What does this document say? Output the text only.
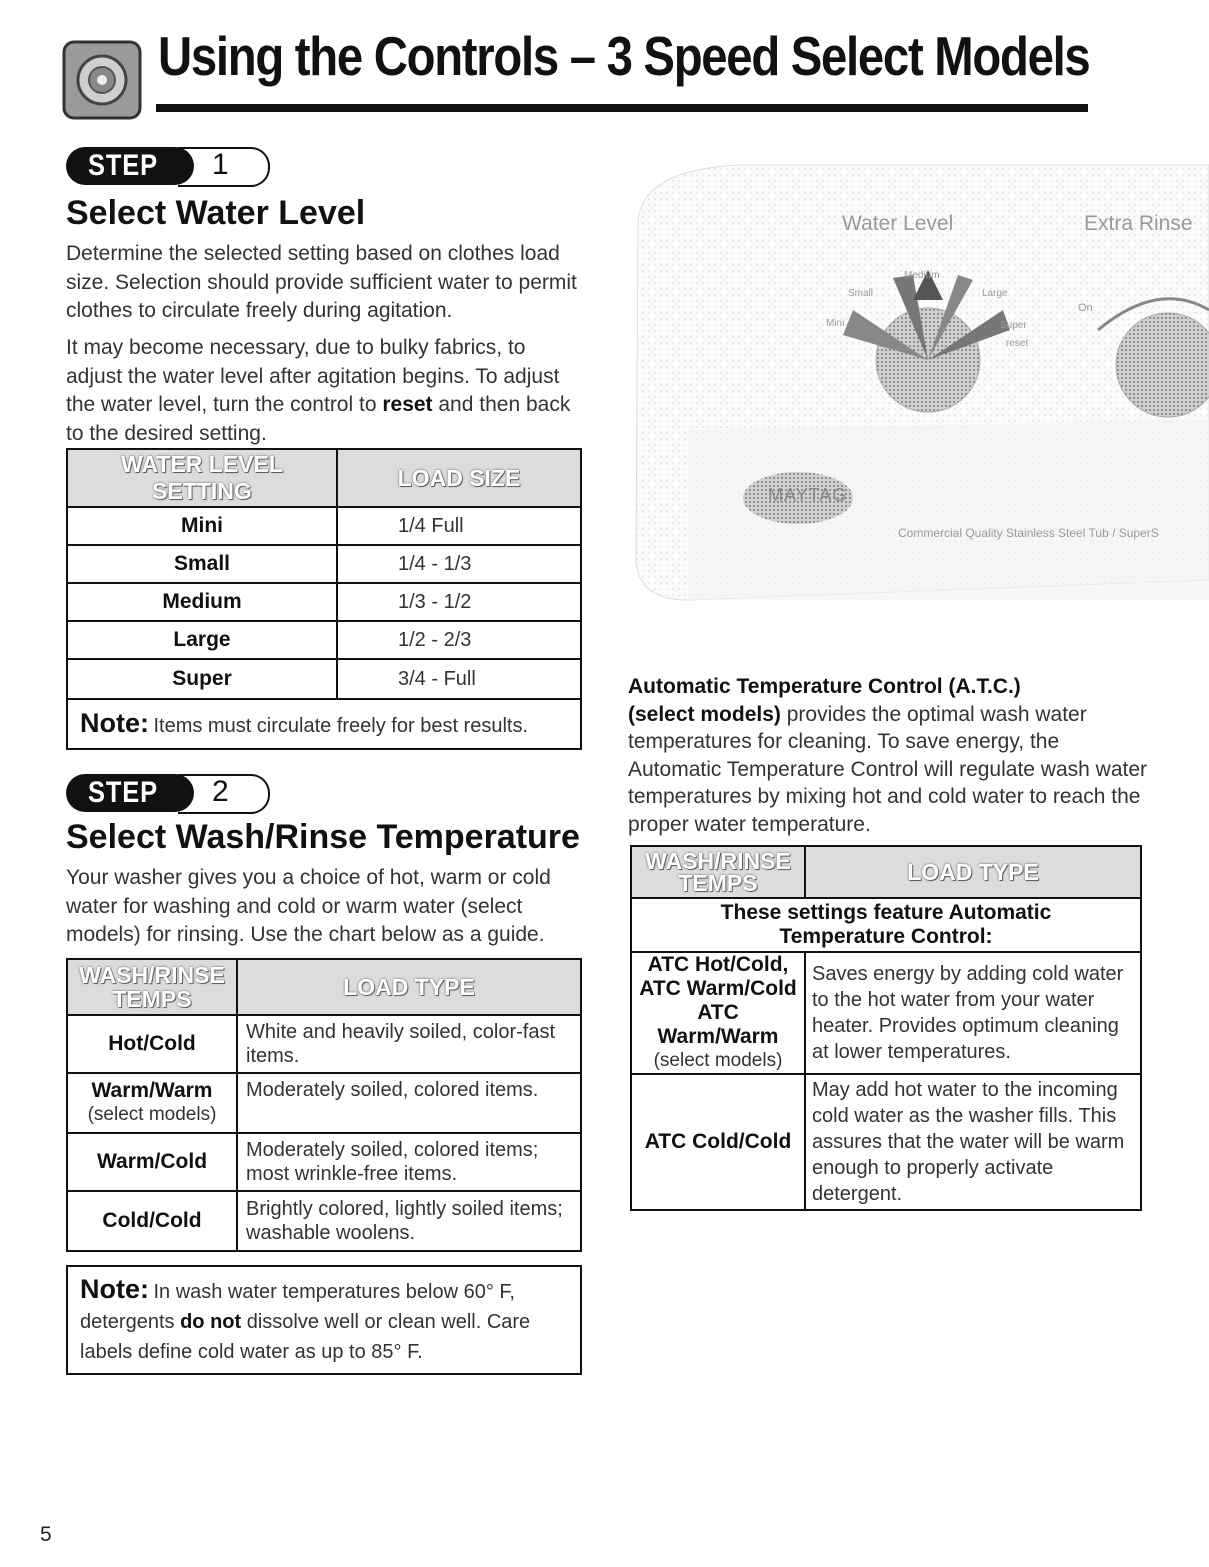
Using the Controls – 3 Speed Select Models
STEP 1
Select Water Level

Determine the selected setting based on clothes load size. Selection should provide sufficient water to permit clothes to circulate freely during agitation.

It may become necessary, due to bulky fabrics, to adjust the water level after agitation begins. To adjust the water level, turn the control to reset and then back to the desired setting.

WATER LEVEL SETTING	LOAD SIZE
Mini	1/4 Full
Small	1/4 - 1/3
Medium	1/3 - 1/2
Large	1/2 - 2/3
Super	3/4 - Full
Note: Items must circulate freely for best results.
STEP 2
Select Wash/Rinse Temperature

Your washer gives you a choice of hot, warm or cold water for washing and cold or warm water (select models) for rinsing. Use the chart below as a guide.

WASH/RINSE TEMPS	LOAD TYPE
Hot/Cold	White and heavily soiled, color-fast items.
Warm/Warm
(select models)	Moderately soiled, colored items.
Warm/Cold	Moderately soiled, colored items; most wrinkle-free items.
Cold/Cold	Brightly colored, lightly soiled items; washable woolens.
Note: In wash water temperatures below 60° F, detergents do not dissolve well or clean well. Care labels define cold water as up to 85° F.
Water Level	Extra Rinse
Mini
Small
Medium
Large
Super
reset
On
MAYTAG
Commercial Quality Stainless Steel Tub / SuperS

Automatic Temperature Control (A.T.C.)
(select models) provides the optimal wash water temperatures for cleaning. To save energy, the Automatic Temperature Control will regulate wash water temperatures by mixing hot and cold water to reach the proper water temperature.

WASH/RINSE TEMPS	LOAD TYPE
These settings feature Automatic Temperature Control:	

ATC Hot/Cold,
ATC Warm/Cold
ATC Warm/Warm
(select models)	Saves energy by adding cold water to the hot water from your water heater. Provides optimum cleaning at lower temperatures.
ATC Cold/Cold	May add hot water to the incoming cold water as the washer fills. This assures that the water will be warm enough to properly activate detergent.
5
